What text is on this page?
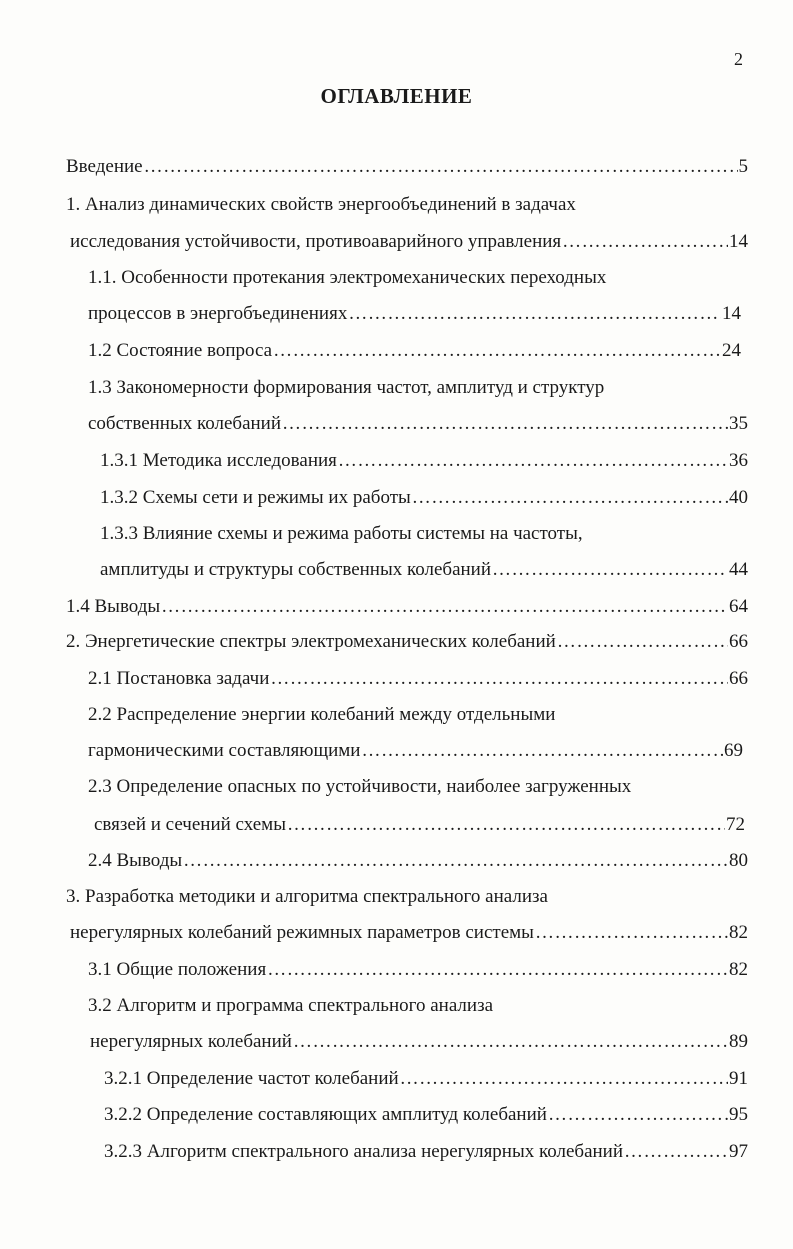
2
ОГЛАВЛЕНИЕ
Введение ………………………………………………………………………………………………………………………………………………………………………………………………	5
1. Анализ динамических свойств энергообъединений в задачах
исследования устойчивости, противоаварийного управления ………………………………………………………………………………………………………………………………………………………………………………………………	14
1.1. Особенности протекания электромеханических переходных
процессов в энергобъединениях ………………………………………………………………………………………………………………………………………………………………………………………………	14
1.2 Состояние вопроса ………………………………………………………………………………………………………………………………………………………………………………………………	24
1.3 Закономерности формирования частот, амплитуд и структур
собственных колебаний ………………………………………………………………………………………………………………………………………………………………………………………………	35
1.3.1 Методика исследования ………………………………………………………………………………………………………………………………………………………………………………………………	36
1.3.2 Схемы сети и режимы их работы ………………………………………………………………………………………………………………………………………………………………………………………………	40
1.3.3 Влияние схемы и режима работы системы на частоты,
амплитуды и структуры собственных колебаний ………………………………………………………………………………………………………………………………………………………………………………………………	44
1.4 Выводы ………………………………………………………………………………………………………………………………………………………………………………………………	64
2. Энергетические спектры электромеханических колебаний ………………………………………………………………………………………………………………………………………………………………………………………………	66
2.1 Постановка задачи ………………………………………………………………………………………………………………………………………………………………………………………………	66
2.2 Распределение энергии колебаний между отдельными
гармоническими составляющими ………………………………………………………………………………………………………………………………………………………………………………………………	69
2.3 Определение опасных по устойчивости, наиболее загруженных
связей и сечений схемы ………………………………………………………………………………………………………………………………………………………………………………………………	72
2.4 Выводы ………………………………………………………………………………………………………………………………………………………………………………………………	80
3. Разработка методики и алгоритма спектрального анализа
нерегулярных колебаний режимных параметров системы ………………………………………………………………………………………………………………………………………………………………………………………………	82
3.1 Общие положения ………………………………………………………………………………………………………………………………………………………………………………………………	82
3.2 Алгоритм и программа спектрального анализа
нерегулярных колебаний ………………………………………………………………………………………………………………………………………………………………………………………………	89
3.2.1 Определение частот колебаний ………………………………………………………………………………………………………………………………………………………………………………………………	91
3.2.2 Определение составляющих амплитуд колебаний ………………………………………………………………………………………………………………………………………………………………………………………………	95
3.2.3 Алгоритм спектрального анализа нерегулярных колебаний ………………………………………………………………………………………………………………………………………………………………………………………………	97
